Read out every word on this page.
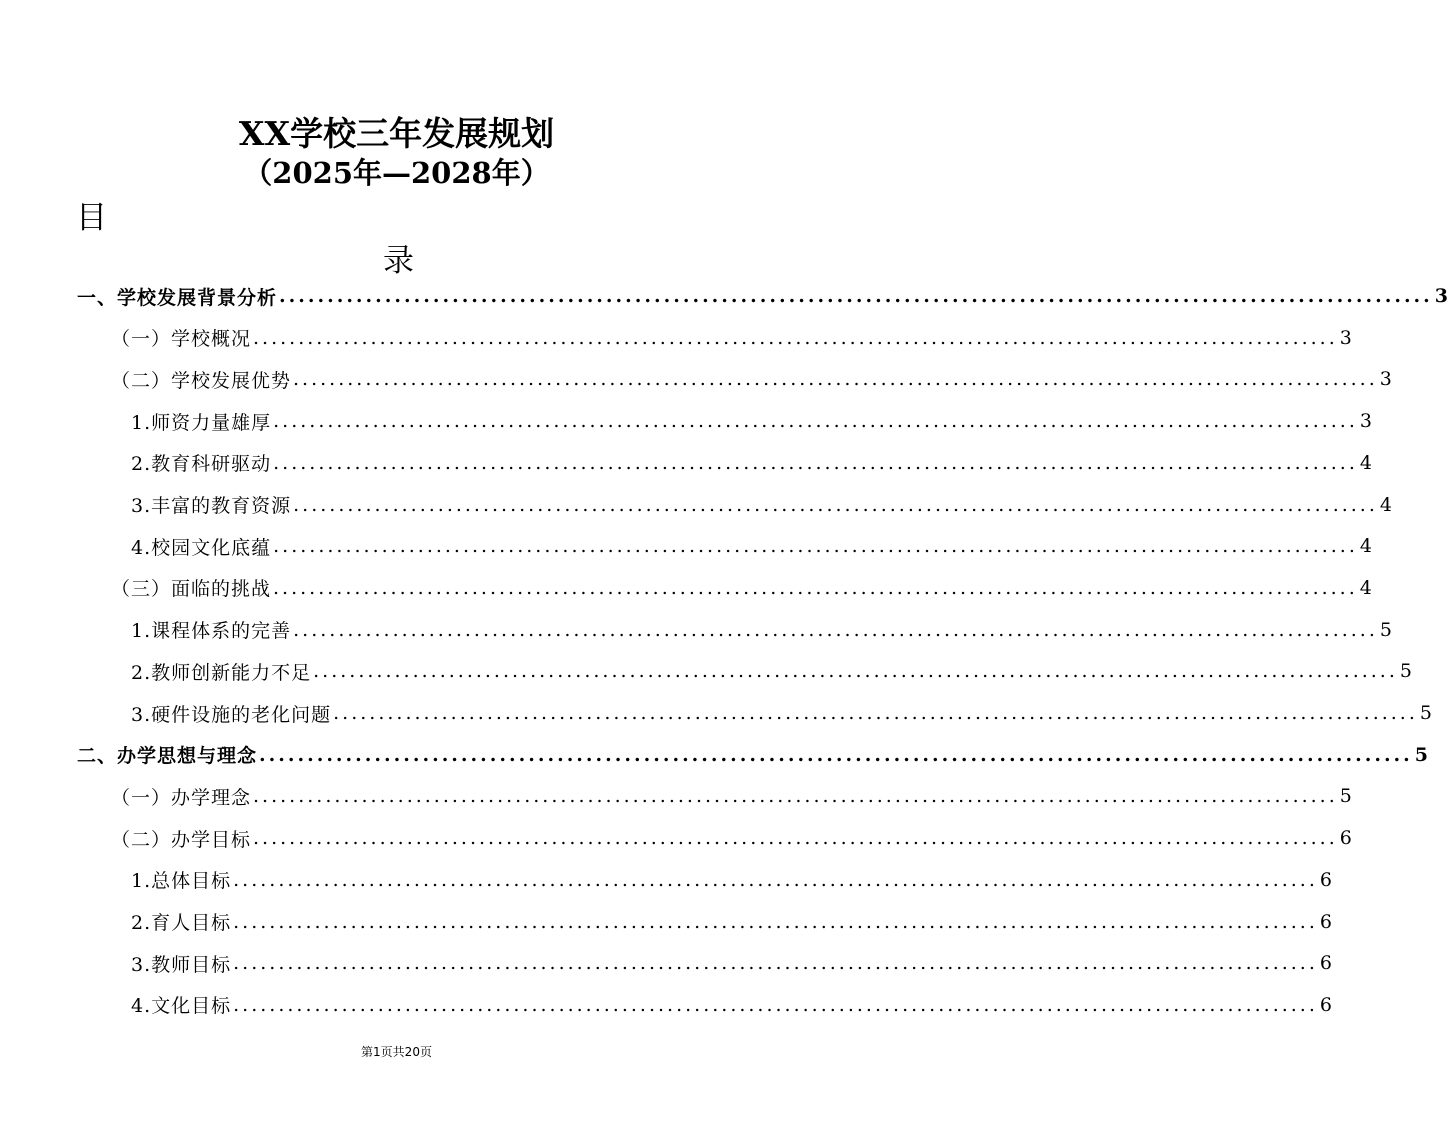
XX学校三年发展规划
（2025年—2028年）
目
录
一、学校发展背景分析 ........................................................................................................................ 3
（一）学校概况 ........................................................................................................................ 3
（二）学校发展优势 ........................................................................................................................ 3
1.师资力量雄厚 ........................................................................................................................ 3
2.教育科研驱动 ........................................................................................................................ 4
3.丰富的教育资源 ........................................................................................................................ 4
4.校园文化底蕴 ........................................................................................................................ 4
（三）面临的挑战 ........................................................................................................................ 4
1.课程体系的完善 ........................................................................................................................ 5
2.教师创新能力不足 ........................................................................................................................ 5
3.硬件设施的老化问题 ........................................................................................................................ 5
二、办学思想与理念 ........................................................................................................................ 5
（一）办学理念 ........................................................................................................................ 5
（二）办学目标 ........................................................................................................................ 6
1.总体目标 ........................................................................................................................ 6
2.育人目标 ........................................................................................................................ 6
3.教师目标 ........................................................................................................................ 6
4.文化目标 ........................................................................................................................ 6
第1页共20页
